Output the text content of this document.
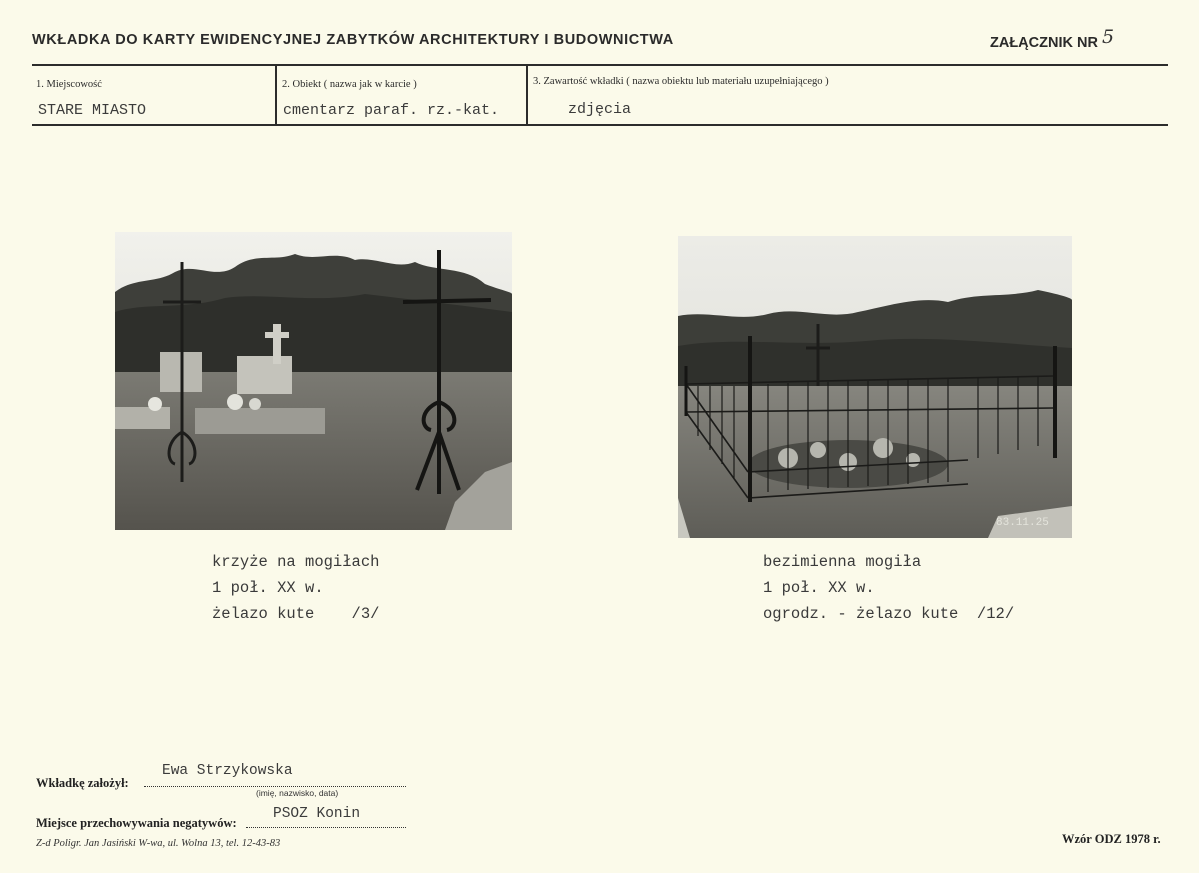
WKŁADKA DO KARTY EWIDENCYJNEJ ZABYTKÓW ARCHITEKTURY I BUDOWNICTWA	ZAŁĄCZNIK NR 5
1. Miejscowość
STARE MIASTO
2. Obiekt ( nazwa jak w karcie )
cmentarz paraf. rz.-kat.
3. Zawartość wkładki ( nazwa obiektu lub materiału uzupełniającego )
zdjęcia
83.11.25
krzyże na mogiłach
1 poł. XX w.
żelazo kute    /3/
bezimienna mogiła
1 poł. XX w.
ogrodz. - żelazo kute  /12/
Wkładkę założył:
Ewa Strzykowska
(imię, nazwisko, data)
Miejsce przechowywania negatywów:
PSOZ Konin
Z-d Poligr. Jan Jasiński W-wa, ul. Wolna 13, tel. 12-43-83	Wzór ODZ 1978 r.
